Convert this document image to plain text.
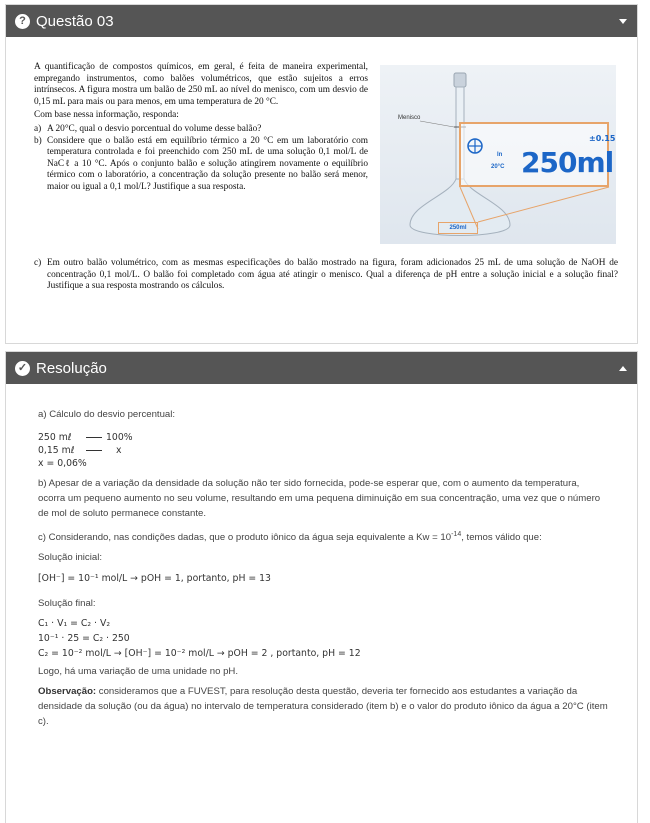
? Questão 03

A quantificação de compostos químicos, em geral, é feita de maneira experimental, empregando instrumentos, como balões volumétricos, que estão sujeitos a erros intrínsecos. A figura mostra um balão de 250 mL ao nível do menisco, com um desvio de 0,15 mL para mais ou para menos, em uma temperatura de 20 °C.

Com base nessa informação, responda:

a) A 20°C, qual o desvio porcentual do volume desse balão?
b) Considere que o balão está em equilíbrio térmico a 20 °C em um laboratório com temperatura controlada e foi preenchido com 250 mL de uma solução 0,1 mol/L de NaCℓ a 10 °C. Após o conjunto balão e solução atingirem novamente o equilíbrio térmico com o laboratório, a concentração da solução presente no balão será menor, maior ou igual a 0,1 mol/L? Justifique a sua resposta.
c) Em outro balão volumétrico, com as mesmas especificações do balão mostrado na figura, foram adicionados 25 mL de uma solução de NaOH de concentração 0,1 mol/L. O balão foi completado com água até atingir o menisco. Qual a diferença de pH entre a solução inicial e a solução final? Justifique a sua resposta mostrando os cálculos.
Menisco
In
20°C 250ml
±0.15
250ml
✓ Resolução

a) Cálculo do desvio percentual:

250 mℓ	100%
0,15 mℓ	x

x = 0,06%

b) Apesar de a variação da densidade da solução não ter sido fornecida, pode-se esperar que, com o aumento da temperatura, ocorra um pequeno aumento no seu volume, resultando em uma pequena diminuição em sua concentração, uma vez que o número de mol de soluto permanece constante.

c) Considerando, nas condições dadas, que o produto iônico da água seja equivalente a $Kw = 10^{-14}$, temos válido que:

Solução inicial:

[OH⁻] = 10⁻¹ mol/L → pOH = 1, portanto, pH = 13

Solução final:

C₁ · V₁ = C₂ · V₂

10⁻¹ · 25 = C₂ · 250

C₂ = 10⁻² mol/L → [OH⁻] = 10⁻² mol/L → pOH = 2 , portanto, pH = 12

Logo, há uma variação de uma unidade no pH.

Observação: consideramos que a FUVEST, para resolução desta questão, deveria ter fornecido aos estudantes a variação da densidade da solução (ou da água) no intervalo de temperatura considerado (item b) e o valor do produto iônico da água a 20°C (item c).
